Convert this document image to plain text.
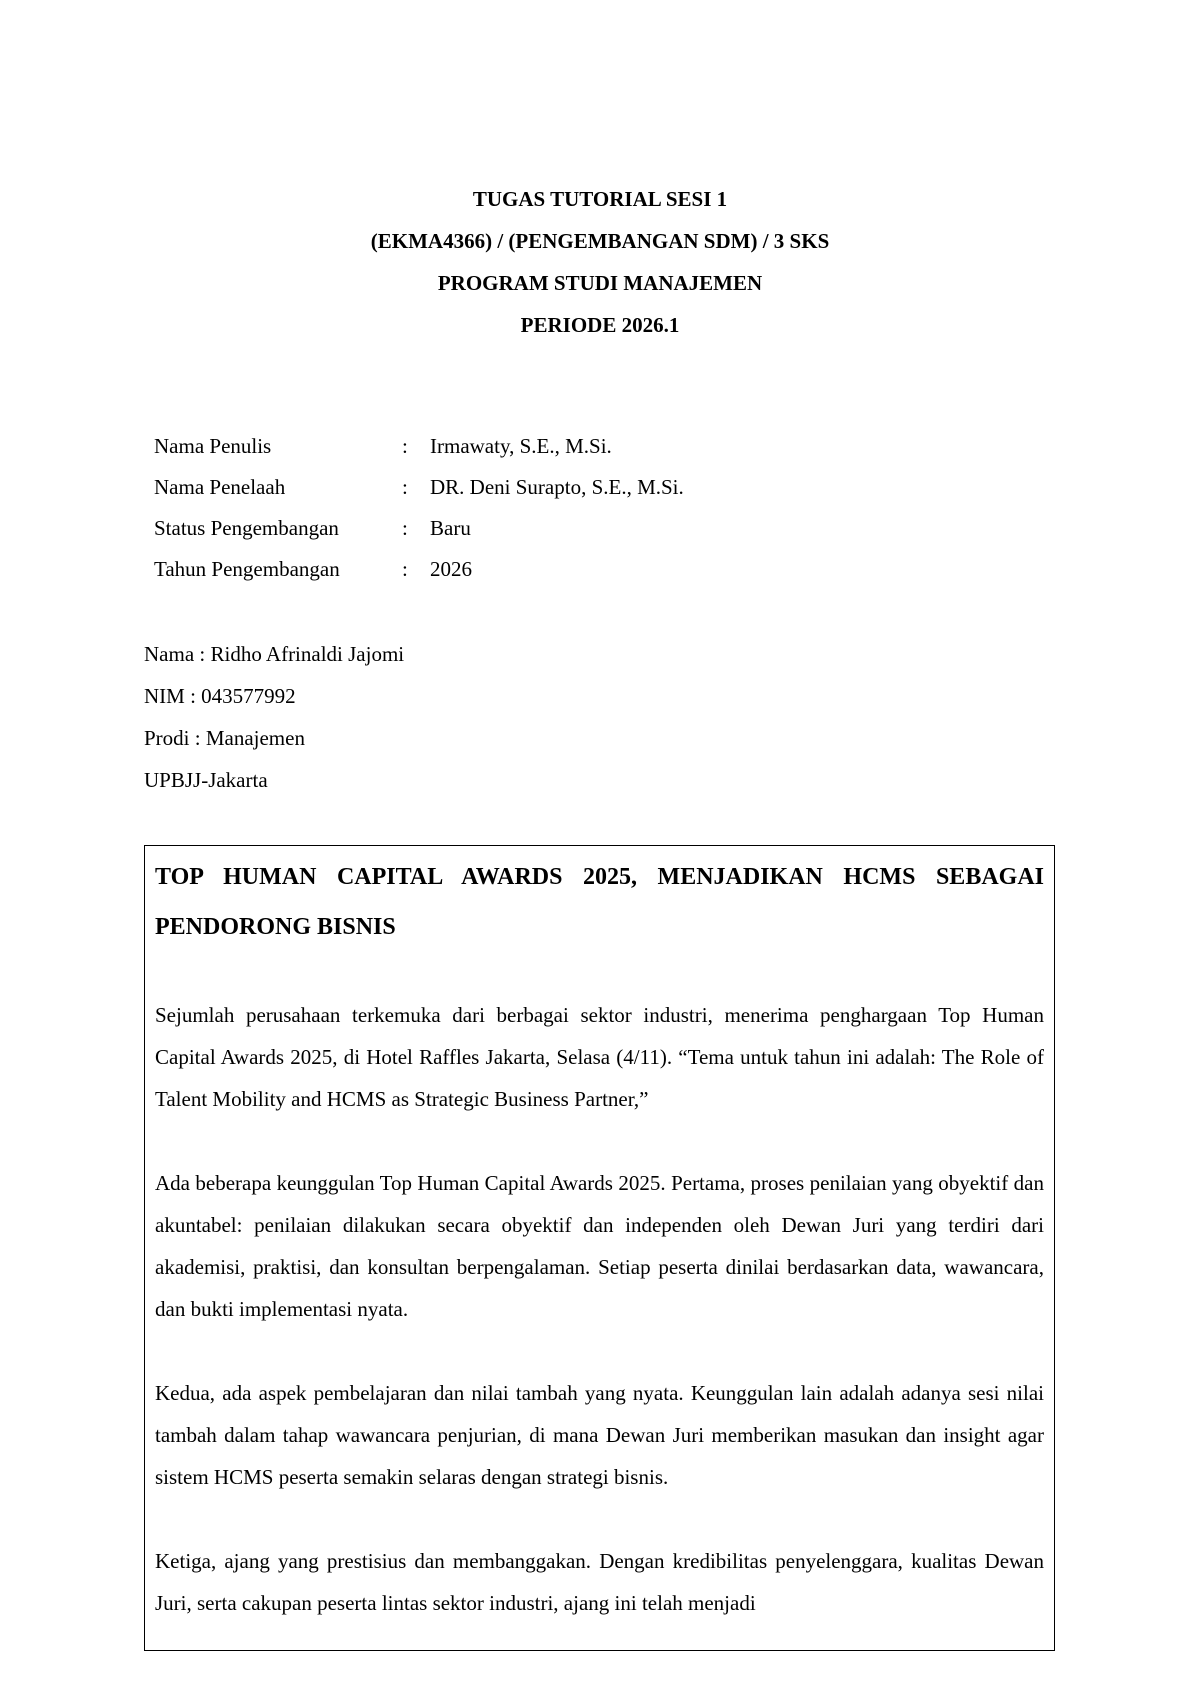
TUGAS TUTORIAL SESI 1
(EKMA4366) / (PENGEMBANGAN SDM) / 3 SKS
PROGRAM STUDI MANAJEMEN
PERIODE 2026.1
Nama Penulis	:	Irmawaty, S.E., M.Si.
Nama Penelaah	:	DR. Deni Surapto, S.E., M.Si.
Status Pengembangan	:	Baru
Tahun Pengembangan	:	2026
Nama : Ridho Afrinaldi Jajomi
NIM : 043577992
Prodi : Manajemen
UPBJJ-Jakarta

TOP HUMAN CAPITAL AWARDS 2025, MENJADIKAN HCMS SEBAGAI PENDORONG BISNIS

Sejumlah perusahaan terkemuka dari berbagai sektor industri, menerima penghargaan Top Human Capital Awards 2025, di Hotel Raffles Jakarta, Selasa (4/11). “Tema untuk tahun ini adalah: The Role of Talent Mobility and HCMS as Strategic Business Partner,”

Ada beberapa keunggulan Top Human Capital Awards 2025. Pertama, proses penilaian yang obyektif dan akuntabel: penilaian dilakukan secara obyektif dan independen oleh Dewan Juri yang terdiri dari akademisi, praktisi, dan konsultan berpengalaman. Setiap peserta dinilai berdasarkan data, wawancara, dan bukti implementasi nyata.

Kedua, ada aspek pembelajaran dan nilai tambah yang nyata. Keunggulan lain adalah adanya sesi nilai tambah dalam tahap wawancara penjurian, di mana Dewan Juri memberikan masukan dan insight agar sistem HCMS peserta semakin selaras dengan strategi bisnis.

Ketiga, ajang yang prestisius dan membanggakan. Dengan kredibilitas penyelenggara, kualitas Dewan Juri, serta cakupan peserta lintas sektor industri, ajang ini telah menjadi
